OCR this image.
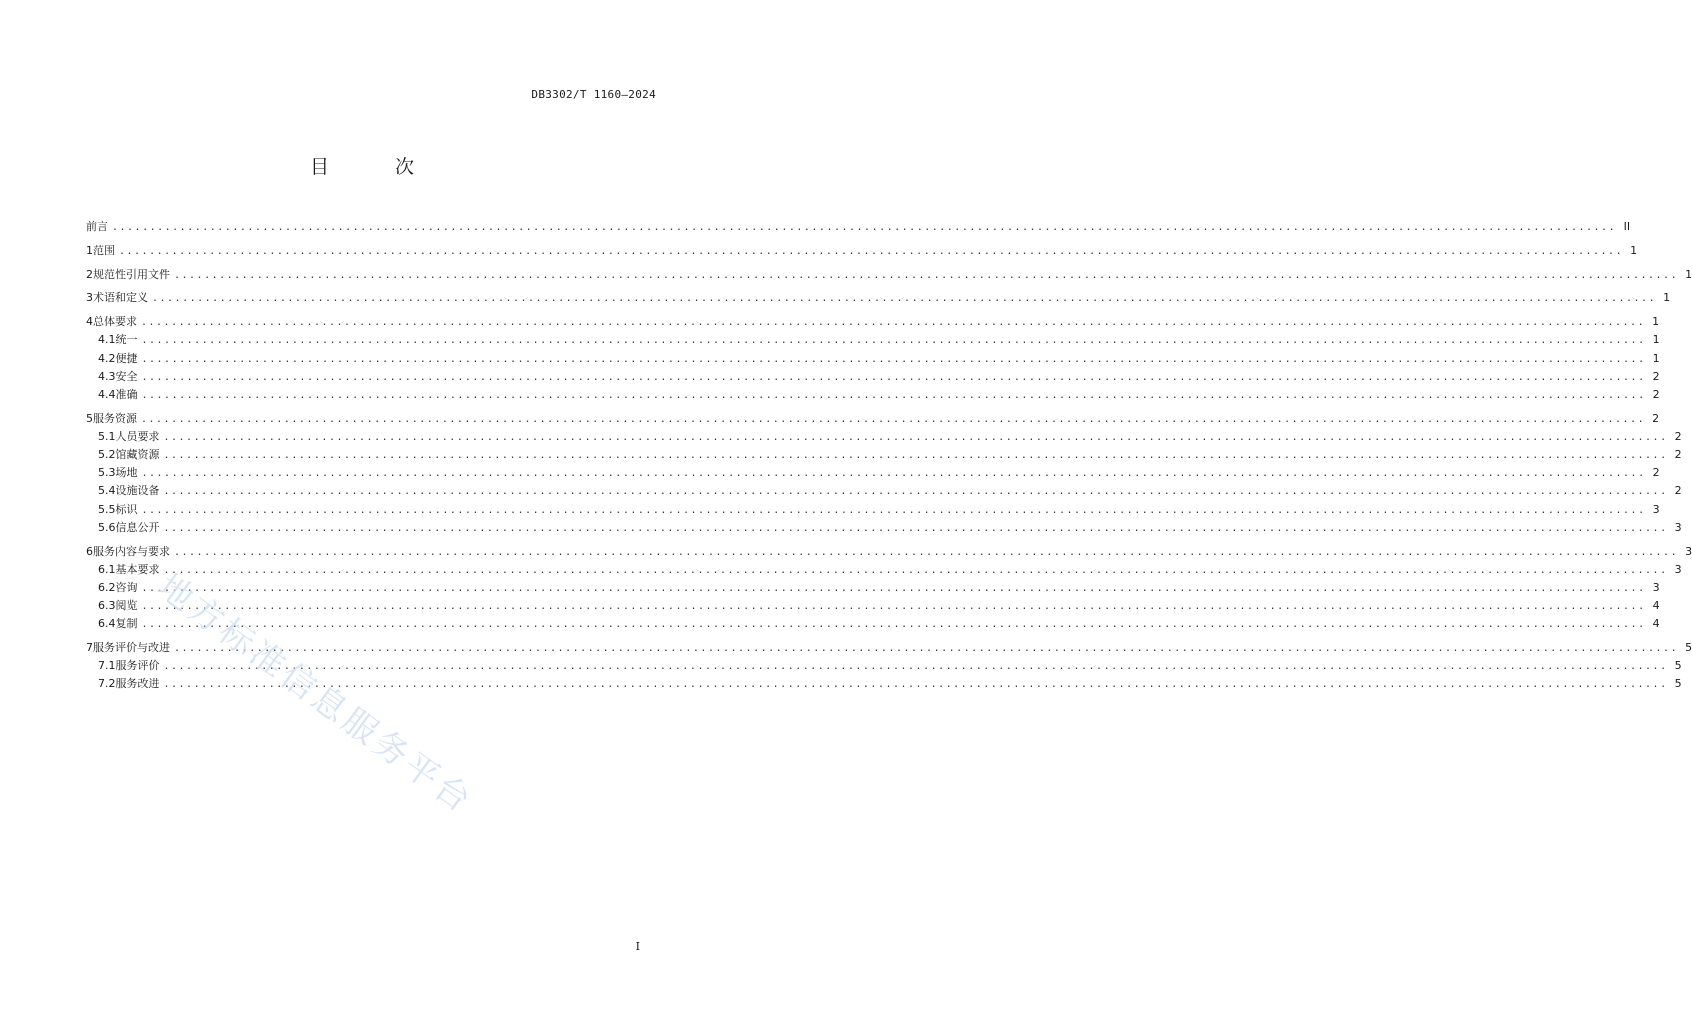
DB3302/T 1160—2024
目 次
前言 ........................................................................................................................................................................................................ II
1 范围 ........................................................................................................................................................................................................ 1
2 规范性引用文件 ........................................................................................................................................................................................................ 1
3 术语和定义 ........................................................................................................................................................................................................ 1
4 总体要求 ........................................................................................................................................................................................................ 1
4.1 统一 ........................................................................................................................................................................................................ 1
4.2 便捷 ........................................................................................................................................................................................................ 1
4.3 安全 ........................................................................................................................................................................................................ 2
4.4 准确 ........................................................................................................................................................................................................ 2
5 服务资源 ........................................................................................................................................................................................................ 2
5.1 人员要求 ........................................................................................................................................................................................................ 2
5.2 馆藏资源 ........................................................................................................................................................................................................ 2
5.3 场地 ........................................................................................................................................................................................................ 2
5.4 设施设备 ........................................................................................................................................................................................................ 2
5.5 标识 ........................................................................................................................................................................................................ 3
5.6 信息公开 ........................................................................................................................................................................................................ 3
6 服务内容与要求 ........................................................................................................................................................................................................ 3
6.1 基本要求 ........................................................................................................................................................................................................ 3
6.2 咨询 ........................................................................................................................................................................................................ 3
6.3 阅览 ........................................................................................................................................................................................................ 4
6.4 复制 ........................................................................................................................................................................................................ 4
7 服务评价与改进 ........................................................................................................................................................................................................ 5
7.1 服务评价 ........................................................................................................................................................................................................ 5
7.2 服务改进 ........................................................................................................................................................................................................ 5
地方标准信息服务平台
I
